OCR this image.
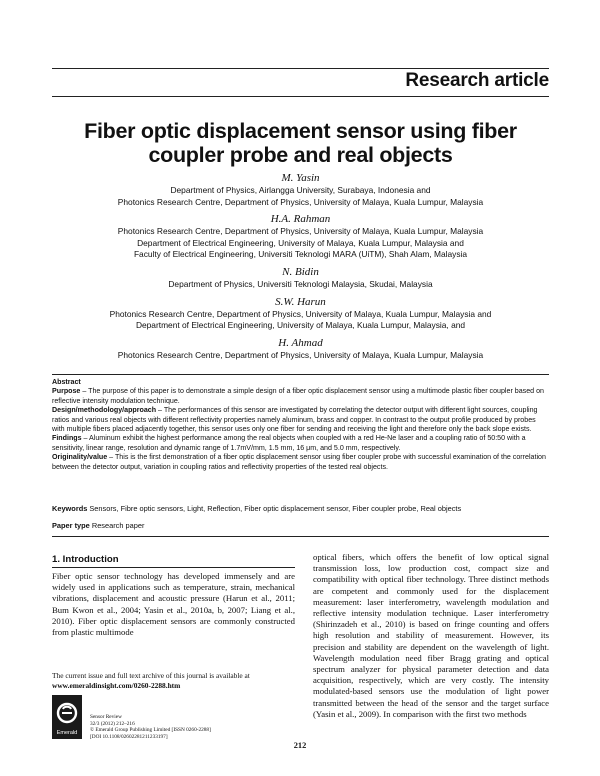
Research article
Fiber optic displacement sensor using fiber
coupler probe and real objects
M. Yasin
Department of Physics, Airlangga University, Surabaya, Indonesia and
Photonics Research Centre, Department of Physics, University of Malaya, Kuala Lumpur, Malaysia
H.A. Rahman
Photonics Research Centre, Department of Physics, University of Malaya, Kuala Lumpur, Malaysia
Department of Electrical Engineering, University of Malaya, Kuala Lumpur, Malaysia and
Faculty of Electrical Engineering, Universiti Teknologi MARA (UiTM), Shah Alam, Malaysia
N. Bidin
Department of Physics, Universiti Teknologi Malaysia, Skudai, Malaysia
S.W. Harun
Photonics Research Centre, Department of Physics, University of Malaya, Kuala Lumpur, Malaysia and
Department of Electrical Engineering, University of Malaya, Kuala Lumpur, Malaysia, and
H. Ahmad
Photonics Research Centre, Department of Physics, University of Malaya, Kuala Lumpur, Malaysia

Abstract

Purpose – The purpose of this paper is to demonstrate a simple design of a fiber optic displacement sensor using a multimode plastic fiber coupler based on reflective intensity modulation technique.

Design/methodology/approach – The performances of this sensor are investigated by correlating the detector output with different light sources, coupling ratios and various real objects with different reflectivity properties namely aluminum, brass and copper. In contrast to the output profile produced by probes with multiple fibers placed adjacently together, this sensor uses only one fiber for sending and receiving the light and therefore only the back slope exists.

Findings – Aluminum exhibit the highest performance among the real objects when coupled with a red He-Ne laser and a coupling ratio of 50:50 with a sensitivity, linear range, resolution and dynamic range of 1.7mV/mm, 1.5 mm, 16 μm, and 5.0 mm, respectively.

Originality/value – This is the first demonstration of a fiber optic displacement sensor using fiber coupler probe with successful examination of the correlation between the detector output, variation in coupling ratios and reflectivity properties of the tested real objects.

Keywords Sensors, Fibre optic sensors, Light, Reflection, Fiber optic displacement sensor, Fiber coupler probe, Real objects
Paper type Research paper
1. Introduction
Fiber optic sensor technology has developed immensely and are widely used in applications such as temperature, strain, mechanical vibrations, displacement and acoustic pressure (Harun et al., 2011; Bum Kwon et al., 2004; Yasin et al., 2010a, b, 2007; Liang et al., 2010). Fiber optic displacement sensors are commonly constructed from plastic multimode
optical fibers, which offers the benefit of low optical signal transmission loss, low production cost, compact size and compatibility with optical fiber technology. Three distinct methods are competent and commonly used for the displacement measurement: laser interferometry, wavelength modulation and reflective intensity modulation technique. Laser interferometry (Shirinzadeh et al., 2010) is based on fringe counting and offers high resolution and stability of measurement. However, its precision and stability are dependent on the wavelength of light. Wavelength modulation need fiber Bragg grating and optical spectrum analyzer for physical parameter detection and data acquisition, respectively, which are very costly. The intensity modulated-based sensors use the modulation of light power transmitted between the head of the sensor and the target surface (Yasin et al., 2009). In comparison with the first two methods
The current issue and full text archive of this journal is available at
www.emeraldinsight.com/0260-2288.htm
Emerald
Sensor Review
32/3 (2012) 212–216
© Emerald Group Publishing Limited [ISSN 0260-2288]
[DOI 10.1108/02602281211233197]
212
